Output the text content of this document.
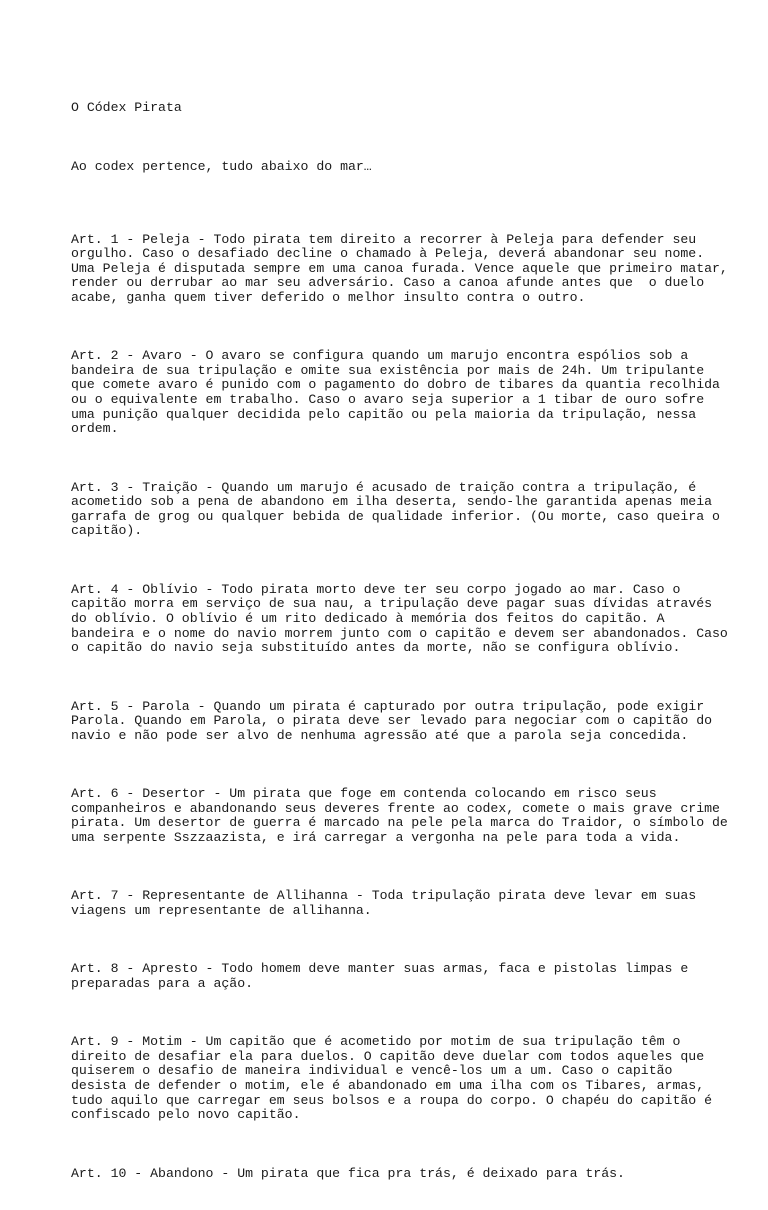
O Códex Pirata

Ao codex pertence, tudo abaixo do mar…

Art. 1 - Peleja - Todo pirata tem direito a recorrer à Peleja para defender seu
orgulho. Caso o desafiado decline o chamado à Peleja, deverá abandonar seu nome.
Uma Peleja é disputada sempre em uma canoa furada. Vence aquele que primeiro matar,
render ou derrubar ao mar seu adversário. Caso a canoa afunde antes que  o duelo
acabe, ganha quem tiver deferido o melhor insulto contra o outro.

Art. 2 - Avaro - O avaro se configura quando um marujo encontra espólios sob a
bandeira de sua tripulação e omite sua existência por mais de 24h. Um tripulante
que comete avaro é punido com o pagamento do dobro de tibares da quantia recolhida
ou o equivalente em trabalho. Caso o avaro seja superior a 1 tibar de ouro sofre
uma punição qualquer decidida pelo capitão ou pela maioria da tripulação, nessa
ordem.

Art. 3 - Traição - Quando um marujo é acusado de traição contra a tripulação, é
acometido sob a pena de abandono em ilha deserta, sendo-lhe garantida apenas meia
garrafa de grog ou qualquer bebida de qualidade inferior. (Ou morte, caso queira o
capitão).

Art. 4 - Oblívio - Todo pirata morto deve ter seu corpo jogado ao mar. Caso o
capitão morra em serviço de sua nau, a tripulação deve pagar suas dívidas através
do oblívio. O oblívio é um rito dedicado à memória dos feitos do capitão. A
bandeira e o nome do navio morrem junto com o capitão e devem ser abandonados. Caso
o capitão do navio seja substituído antes da morte, não se configura oblívio.

Art. 5 - Parola - Quando um pirata é capturado por outra tripulação, pode exigir
Parola. Quando em Parola, o pirata deve ser levado para negociar com o capitão do
navio e não pode ser alvo de nenhuma agressão até que a parola seja concedida.

Art. 6 - Desertor - Um pirata que foge em contenda colocando em risco seus
companheiros e abandonando seus deveres frente ao codex, comete o mais grave crime
pirata. Um desertor de guerra é marcado na pele pela marca do Traidor, o símbolo de
uma serpente Sszzaazista, e irá carregar a vergonha na pele para toda a vida.

Art. 7 - Representante de Allihanna - Toda tripulação pirata deve levar em suas
viagens um representante de allihanna.

Art. 8 - Apresto - Todo homem deve manter suas armas, faca e pistolas limpas e
preparadas para a ação.

Art. 9 - Motim - Um capitão que é acometido por motim de sua tripulação têm o
direito de desafiar ela para duelos. O capitão deve duelar com todos aqueles que
quiserem o desafio de maneira individual e vencê-los um a um. Caso o capitão
desista de defender o motim, ele é abandonado em uma ilha com os Tibares, armas,
tudo aquilo que carregar em seus bolsos e a roupa do corpo. O chapéu do capitão é
confiscado pelo novo capitão.

Art. 10 - Abandono - Um pirata que fica pra trás, é deixado para trás.
